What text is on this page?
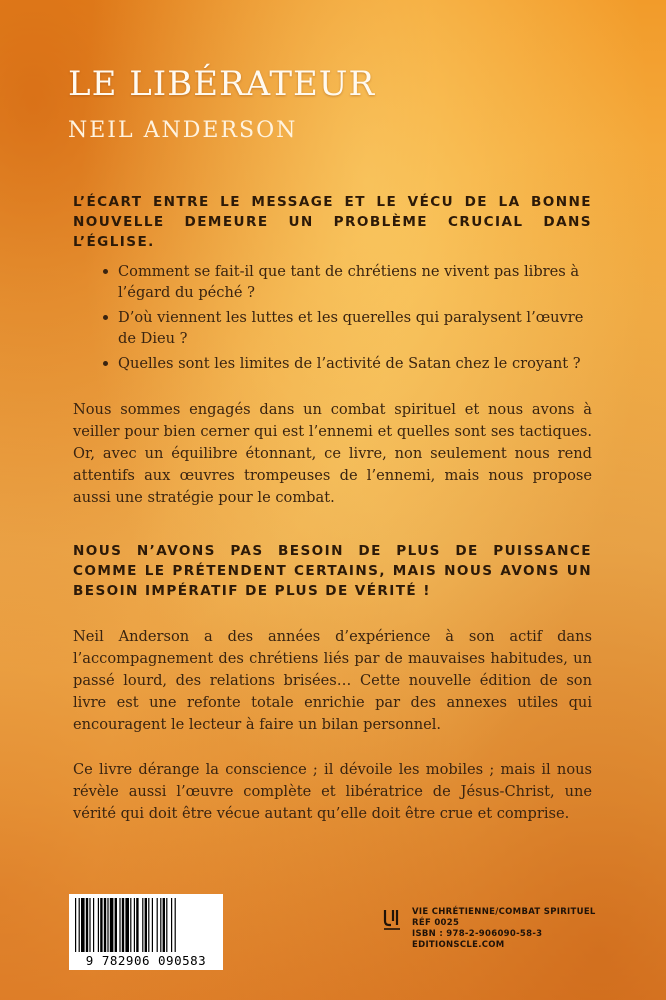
LE LIBÉRATEUR
NEIL ANDERSON

L’ÉCART ENTRE LE MESSAGE ET LE VÉCU DE LA BONNE NOUVELLE DEMEURE UN PROBLÈME CRUCIAL DANS L’ÉGLISE.

Comment se fait-il que tant de chrétiens ne vivent pas libres à l’égard du péché ?
D’où viennent les luttes et les querelles qui paralysent l’œuvre de Dieu ?
Quelles sont les limites de l’activité de Satan chez le croyant ?

Nous sommes engagés dans un combat spirituel et nous avons à veiller pour bien cerner qui est l’ennemi et quelles sont ses tactiques. Or, avec un équilibre étonnant, ce livre, non seulement nous rend attentifs aux œuvres trompeuses de l’ennemi, mais nous propose aussi une stratégie pour le combat.

NOUS N’AVONS PAS BESOIN DE PLUS DE PUISSANCE COMME LE PRÉTENDENT CERTAINS, MAIS NOUS AVONS UN BESOIN IMPÉRATIF DE PLUS DE VÉRITÉ !

Neil Anderson a des années d’expérience à son actif dans l’accompagnement des chrétiens liés par de mauvaises habitudes, un passé lourd, des relations brisées… Cette nouvelle édition de son livre est une refonte totale enrichie par des annexes utiles qui encouragent le lecteur à faire un bilan personnel.

Ce livre dérange la conscience ; il dévoile les mobiles ; mais il nous révèle aussi l’œuvre complète et libératrice de Jésus-Christ, une vérité qui doit être vécue autant qu’elle doit être crue et comprise.

9 782906 090583
VIE CHRÉTIENNE/COMBAT SPIRITUEL
RÉF 0025
ISBN : 978-2-906090-58-3
EDITIONSCLE.COM
